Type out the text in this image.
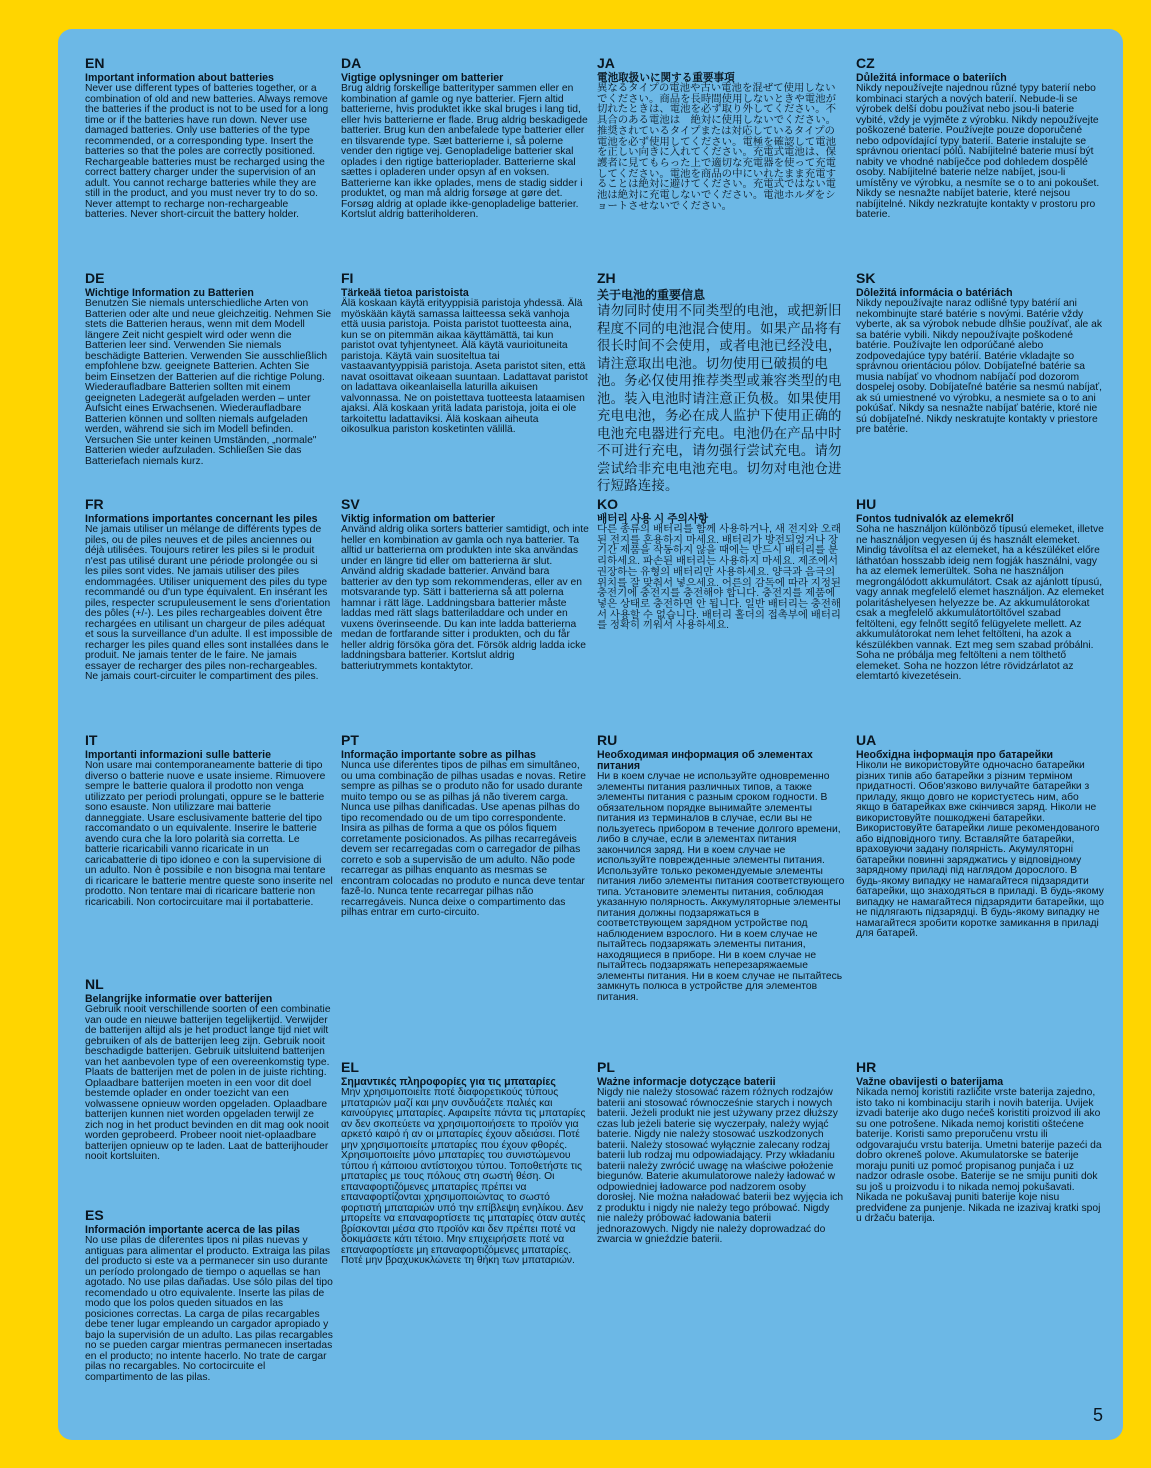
EN
Important information about batteries
Never use different types of batteries together, or a combination of old and new batteries. Always remove the batteries if the product is not to be used for a long time or if the batteries have run down. Never use damaged batteries. Only use batteries of the type recommended, or a corresponding type. Insert the batteries so that the poles are correctly positioned. Rechargeable batteries must be recharged using the correct battery charger under the supervision of an adult. You cannot recharge batteries while they are still in the product, and you must never try to do so. Never attempt to recharge non-rechargeable batteries. Never short-circuit the battery holder.
DA
Vigtige oplysninger om batterier
Brug aldrig forskellige batterityper sammen eller en kombination af gamle og nye batterier. Fjern altid batterierne, hvis produktet ikke skal bruges i lang tid, eller hvis batterierne er flade. Brug aldrig beskadigede batterier. Brug kun den anbefalede type batterier eller en tilsvarende type. Sæt batterierne i, så polerne vender den rigtige vej. Genopladelige batterier skal oplades i den rigtige batterioplader. Batterierne skal sættes i opladeren under opsyn af en voksen. Batterierne kan ikke oplades, mens de stadig sidder i produktet, og man må aldrig forsøge at gøre det. Forsøg aldrig at oplade ikke-genopladelige batterier. Kortslut aldrig batteriholderen.
JA
電池取扱いに関する重要事項
異なるタイプの電池や古い電池を混ぜて使用しないでください。商品を長時間使用しないときや電池が切れたときは、電池を必ず取り外してください。不具合のある電池は　絶対に使用しないでください。推奨されているタイプまたは対応しているタイプの電池を必ず使用してください。電極を確認して電池を正しい向きに入れてください。充電式電池は、保護者に見てもらった上で適切な充電器を使って充電してください。電池を商品の中にいれたまま充電することは絶対に避けてください。充電式ではない電池は絶対に充電しないでください。電池ホルダをショートさせないでください。
CZ
Důležitá informace o bateriích
Nikdy nepoužívejte najednou různé typy baterií nebo kombinaci starých a nových baterií. Nebude-li se výrobek delší dobu používat nebo jsou-li baterie vybité, vždy je vyjměte z výrobku. Nikdy nepoužívejte poškozené baterie. Používejte pouze doporučené nebo odpovídající typy baterií. Baterie instalujte se správnou orientací pólů. Nabíjitelné baterie musí být nabity ve vhodné nabíječce pod dohledem dospělé osoby. Nabíjitelné baterie nelze nabíjet, jsou-li umístěny ve výrobku, a nesmíte se o to ani pokoušet. Nikdy se nesnažte nabíjet baterie, které nejsou nabíjitelné. Nikdy nezkratujte kontakty v prostoru pro baterie.
DE
Wichtige Information zu Batterien
Benutzen Sie niemals unterschiedliche Arten von Batterien oder alte und neue gleichzeitig. Nehmen Sie stets die Batterien heraus, wenn mit dem Modell längere Zeit nicht gespielt wird oder wenn die Batterien leer sind. Verwenden Sie niemals beschädigte Batterien. Verwenden Sie ausschließlich empfohlene bzw. geeignete Batterien. Achten Sie beim Einsetzen der Batterien auf die richtige Polung. Wiederaufladbare Batterien sollten mit einem geeigneten Ladegerät aufgeladen werden – unter Aufsicht eines Erwachsenen. Wiederaufladbare Batterien können und sollten niemals aufgeladen werden, während sie sich im Modell befinden. Versuchen Sie unter keinen Umständen, „normale" Batterien wieder aufzuladen. Schließen Sie das Batteriefach niemals kurz.
FI
Tärkeää tietoa paristoista
Älä koskaan käytä erityyppisiä paristoja yhdessä. Älä myöskään käytä samassa laitteessa sekä vanhoja että uusia paristoja. Poista paristot tuotteesta aina, kun se on pitemmän aikaa käyttämättä, tai kun paristot ovat tyhjentyneet. Älä käytä vaurioituneita paristoja. Käytä vain suositeltua tai vastaavantyyppisiä paristoja. Aseta paristot siten, että navat osoittavat oikeaan suuntaan. Ladattavat paristot on ladattava oikeanlaisella laturilla aikuisen valvonnassa. Ne on poistettava tuotteesta lataamisen ajaksi. Älä koskaan yritä ladata paristoja, joita ei ole tarkoitettu ladattaviksi. Älä koskaan aiheuta oikosulkua pariston kosketinten välillä.
ZH
关于电池的重要信息
请勿同时使用不同类型的电池，或把新旧程度不同的电池混合使用。如果产品将有很长时间不会使用，或者电池已经没电，请注意取出电池。切勿使用已破损的电池。务必仅使用推荐类型或兼容类型的电池。装入电池时请注意正负极。如果使用充电电池，务必在成人监护下使用正确的电池充电器进行充电。电池仍在产品中时不可进行充电，请勿强行尝试充电。请勿尝试给非充电电池充电。切勿对电池仓进行短路连接。
SK
Dôležitá informácia o batériách
Nikdy nepoužívajte naraz odlišné typy batérií ani nekombinujte staré batérie s novými. Batérie vždy vyberte, ak sa výrobok nebude dlhšie používať, ale ak sa batérie vybili. Nikdy nepoužívajte poškodené batérie. Používajte len odporúčané alebo zodpovedajúce typy batérií. Batérie vkladajte so správnou orientáciou pólov. Dobíjateľné batérie sa musia nabíjať vo vhodnom nabíjačí pod dozorom dospelej osoby. Dobíjateľné batérie sa nesmú nabíjať, ak sú umiestnené vo výrobku, a nesmiete sa o to ani pokúšať. Nikdy sa nesnažte nabíjať batérie, ktoré nie sú dobíjateľné. Nikdy neskratujte kontakty v priestore pre batérie.
FR
Informations importantes concernant les piles
Ne jamais utiliser un mélange de différents types de piles, ou de piles neuves et de piles anciennes ou déjà utilisées. Toujours retirer les piles si le produit n'est pas utilisé durant une période prolongée ou si les piles sont vides. Ne jamais utiliser des piles endommagées. Utiliser uniquement des piles du type recommandé ou d'un type équivalent. En insérant les piles, respecter scrupuleusement le sens d'orientation des pôles (+/-). Les piles rechargeables doivent être rechargées en utilisant un chargeur de piles adéquat et sous la surveillance d'un adulte. Il est impossible de recharger les piles quand elles sont installées dans le produit. Ne jamais tenter de le faire. Ne jamais essayer de recharger des piles non-rechargeables. Ne jamais court-circuiter le compartiment des piles.
SV
Viktig information om batterier
Använd aldrig olika sorters batterier samtidigt, och inte heller en kombination av gamla och nya batterier. Ta alltid ur batterierna om produkten inte ska användas under en längre tid eller om batterierna är slut. Använd aldrig skadade batterier. Använd bara batterier av den typ som rekommenderas, eller av en motsvarande typ. Sätt i batterierna så att polerna hamnar i rätt läge. Laddningsbara batterier måste laddas med rätt slags batteriladdare och under en vuxens överinseende. Du kan inte ladda batterierna medan de fortfarande sitter i produkten, och du får heller aldrig försöka göra det. Försök aldrig ladda icke laddningsbara batterier. Kortslut aldrig batteriutrymmets kontaktytor.
KO
배터리 사용 시 주의사항
다른 종류의 배터리를 함께 사용하거나, 새 전지와 오래된 전지를 혼용하지 마세요. 배터리가 방전되었거나 장기간 제품을 작동하지 않을 때에는 반드시 배터리를 분리하세요. 파손된 배터리는 사용하지 마세요. 제조에서 권장하는 유형의 배터리만 사용하세요. 양극과 음극의 위치를 잘 맞춰서 넣으세요. 어른의 감독에 따라 지정된 충전기에 충전지를 충전해야 합니다. 충전지를 제품에 넣은 상태로 충전하면 안 됩니다. 일반 배터리는 충전해서 사용할 수 없습니다. 배터리 홀더의 접촉부에 배터리를 정확히 끼워서 사용하세요.
HU
Fontos tudnivalók az elemekről
Soha ne használjon különböző típusú elemeket, illetve ne használjon vegyesen új és használt elemeket. Mindig távolítsa el az elemeket, ha a készüléket előre láthatóan hosszabb ideig nem fogják használni, vagy ha az elemek lemerültek. Soha ne használjon megrongálódott akkumulátort. Csak az ajánlott típusú, vagy annak megfelelő elemet használjon. Az elemeket polaritáshelyesen helyezze be. Az akkumulátorokat csak a megfelelő akkumulátortöltővel szabad feltölteni, egy felnőtt segítő felügyelete mellett. Az akkumulátorokat nem lehet feltölteni, ha azok a készülékben vannak. Ezt meg sem szabad próbálni. Soha ne próbálja meg feltölteni a nem tölthető elemeket. Soha ne hozzon létre rövidzárlatot az elemtartó kivezetésein.
IT
Importanti informazioni sulle batterie
Non usare mai contemporaneamente batterie di tipo diverso o batterie nuove e usate insieme. Rimuovere sempre le batterie qualora il prodotto non venga utilizzato per periodi prolungati, oppure se le batterie sono esauste. Non utilizzare mai batterie danneggiate. Usare esclusivamente batterie del tipo raccomandato o un equivalente. Inserire le batterie avendo cura che la loro polarità sia corretta. Le batterie ricaricabili vanno ricaricate in un caricabatterie di tipo idoneo e con la supervisione di un adulto. Non è possibile e non bisogna mai tentare di ricaricare le batterie mentre queste sono inserite nel prodotto. Non tentare mai di ricaricare batterie non ricaricabili. Non cortocircuitare mai il portabatterie.
PT
Informação importante sobre as pilhas
Nunca use diferentes tipos de pilhas em simultâneo, ou uma combinação de pilhas usadas e novas. Retire sempre as pilhas se o produto não for usado durante muito tempo ou se as pilhas já não tiverem carga. Nunca use pilhas danificadas. Use apenas pilhas do tipo recomendado ou de um tipo correspondente. Insira as pilhas de forma a que os pólos fiquem corretamente posicionados. As pilhas recarregáveis devem ser recarregadas com o carregador de pilhas correto e sob a supervisão de um adulto. Não pode recarregar as pilhas enquanto as mesmas se encontram colocadas no produto e nunca deve tentar fazê-lo. Nunca tente recarregar pilhas não recarregáveis. Nunca deixe o compartimento das pilhas entrar em curto-circuito.
RU
Необходимая информация об элементах питания
Ни в коем случае не используйте одновременно элементы питания различных типов, а также элементы питания с разным сроком годности. В обязательном порядке вынимайте элементы питания из терминалов в случае, если вы не пользуетесь прибором в течение долгого времени, либо в случае, если в элементах питания закончился заряд. Ни в коем случае не используйте поврежденные элементы питания. Используйте только рекомендуемые элементы питания либо элементы питания соответствующего типа. Установите элементы питания, соблюдая указанную полярность. Аккумуляторные элементы питания должны подзаряжаться в соответствующем зарядном устройстве под наблюдением взрослого. Ни в коем случае не пытайтесь подзаряжать элементы питания, находящиеся в приборе. Ни в коем случае не пытайтесь подзаряжать неперезаряжаемые элементы питания. Ни в коем случае не пытайтесь замкнуть полюса в устройстве для элементов питания.
UA
Необхідна інформація про батарейки
Ніколи не використовуйте одночасно батарейки різних типів або батарейки з різним терміном придатності. Обов'язково вилучайте батарейки з приладу, якщо довго не користуєтесь ним, або якщо в батарейках вже скінчився заряд. Ніколи не використовуйте пошкоджені батарейки. Використовуйте батарейки лише рекомендованого або відповідного типу. Вставляйте батарейки, враховуючи задану полярність. Акумуляторні батарейки повинні заряджатись у відповідному зарядному приладі під наглядом дорослого. В будь-якому випадку не намагайтеся підзарядити батарейки, що знаходяться в приладі. В будь-якому випадку не намагайтеся підзарядити батарейки, що не підлягають підзарядці. В будь-якому випадку не намагайтеся зробити коротке замикання в приладі для батарей.
NL
Belangrijke informatie over batterijen
Gebruik nooit verschillende soorten of een combinatie van oude en nieuwe batterijen tegelijkertijd. Verwijder de batterijen altijd als je het product lange tijd niet wilt gebruiken of als de batterijen leeg zijn. Gebruik nooit beschadigde batterijen. Gebruik uitsluitend batterijen van het aanbevolen type of een overeenkomstig type. Plaats de batterijen met de polen in de juiste richting. Oplaadbare batterijen moeten in een voor dit doel bestemde oplader en onder toezicht van een volwassene opnieuw worden opgeladen. Oplaadbare batterijen kunnen niet worden opgeladen terwijl ze zich nog in het product bevinden en dit mag ook nooit worden geprobeerd. Probeer nooit niet-oplaadbare batterijen opnieuw op te laden. Laat de batterijhouder nooit kortsluiten.
EL
Σημαντικές πληροφορίες για τις μπαταρίες
Μην χρησιμοποιείτε ποτέ διαφορετικούς τύπους μπαταριών μαζί και μην συνδυάζετε παλιές και καινούργιες μπαταρίες. Αφαιρείτε πάντα τις μπαταρίες αν δεν σκοπεύετε να χρησιμοποιήσετε το προϊόν για αρκετό καιρό ή αν οι μπαταρίες έχουν αδειάσει. Ποτέ μην χρησιμοποιείτε μπαταρίες που έχουν φθορές. Χρησιμοποιείτε μόνο μπαταρίες του συνιστώμενου τύπου ή κάποιου αντίστοιχου τύπου. Τοποθετήστε τις μπαταρίες με τους πόλους στη σωστή θέση. Οι επαναφορτιζόμενες μπαταρίες πρέπει να επαναφορτίζονται χρησιμοποιώντας το σωστό φορτιστή μπαταριών υπό την επίβλεψη ενηλίκου. Δεν μπορείτε να επαναφορτίσετε τις μπαταρίες όταν αυτές βρίσκονται μέσα στο προϊόν και δεν πρέπει ποτέ να δοκιμάσετε κάτι τέτοιο. Μην επιχειρήσετε ποτέ να επαναφορτίσετε μη επαναφορτιζόμενες μπαταρίες. Ποτέ μην βραχυκυκλώνετε τη θήκη των μπαταριών.
PL
Ważne informacje dotyczące baterii
Nigdy nie należy stosować razem różnych rodzajów baterii ani stosować równocześnie starych i nowych baterii. Jeżeli produkt nie jest używany przez dłuższy czas lub jeżeli baterie się wyczerpały, należy wyjąć baterie. Nigdy nie należy stosować uszkodzonych baterii. Należy stosować wyłącznie zalecany rodzaj baterii lub rodzaj mu odpowiadający. Przy wkładaniu baterii należy zwrócić uwagę na właściwe położenie biegunów. Baterie akumulatorowe należy ładować w odpowiedniej ładowarce pod nadzorem osoby dorosłej. Nie można naładować baterii bez wyjęcia ich z produktu i nigdy nie należy tego próbować. Nigdy nie należy próbować ładowania baterii jednorazowych. Nigdy nie należy doprowadzać do zwarcia w gnieździe baterii.
HR
Važne obavijesti o baterijama
Nikada nemoj koristiti različite vrste baterija zajedno, isto tako ni kombinaciju starih i novih baterija. Uvijek izvadi baterije ako dugo nećeš koristiti proizvod ili ako su one potrošene. Nikada nemoj koristiti oštećene baterije. Koristi samo preporučenu vrstu ili odgovarajuću vrstu baterija. Umetni baterije pazeći da dobro okreneš polove. Akumulatorske se baterije moraju puniti uz pomoć propisanog punjača i uz nadzor odrasle osobe. Baterije se ne smiju puniti dok su još u proizvodu i to nikada nemoj pokušavati. Nikada ne pokušavaj puniti baterije koje nisu predviđene za punjenje. Nikada ne izazivaj kratki spoj u držaču baterija.
ES
Información importante acerca de las pilas
No use pilas de diferentes tipos ni pilas nuevas y antiguas para alimentar el producto. Extraiga las pilas del producto si este va a permanecer sin uso durante un período prolongado de tiempo o aquellas se han agotado. No use pilas dañadas. Use sólo pilas del tipo recomendado u otro equivalente. Inserte las pilas de modo que los polos queden situados en las posiciones correctas. La carga de pilas recargables debe tener lugar empleando un cargador apropiado y bajo la supervisión de un adulto. Las pilas recargables no se pueden cargar mientras permanecen insertadas en el producto; no intente hacerlo. No trate de cargar pilas no recargables. No cortocircuite el compartimento de las pilas.
5
